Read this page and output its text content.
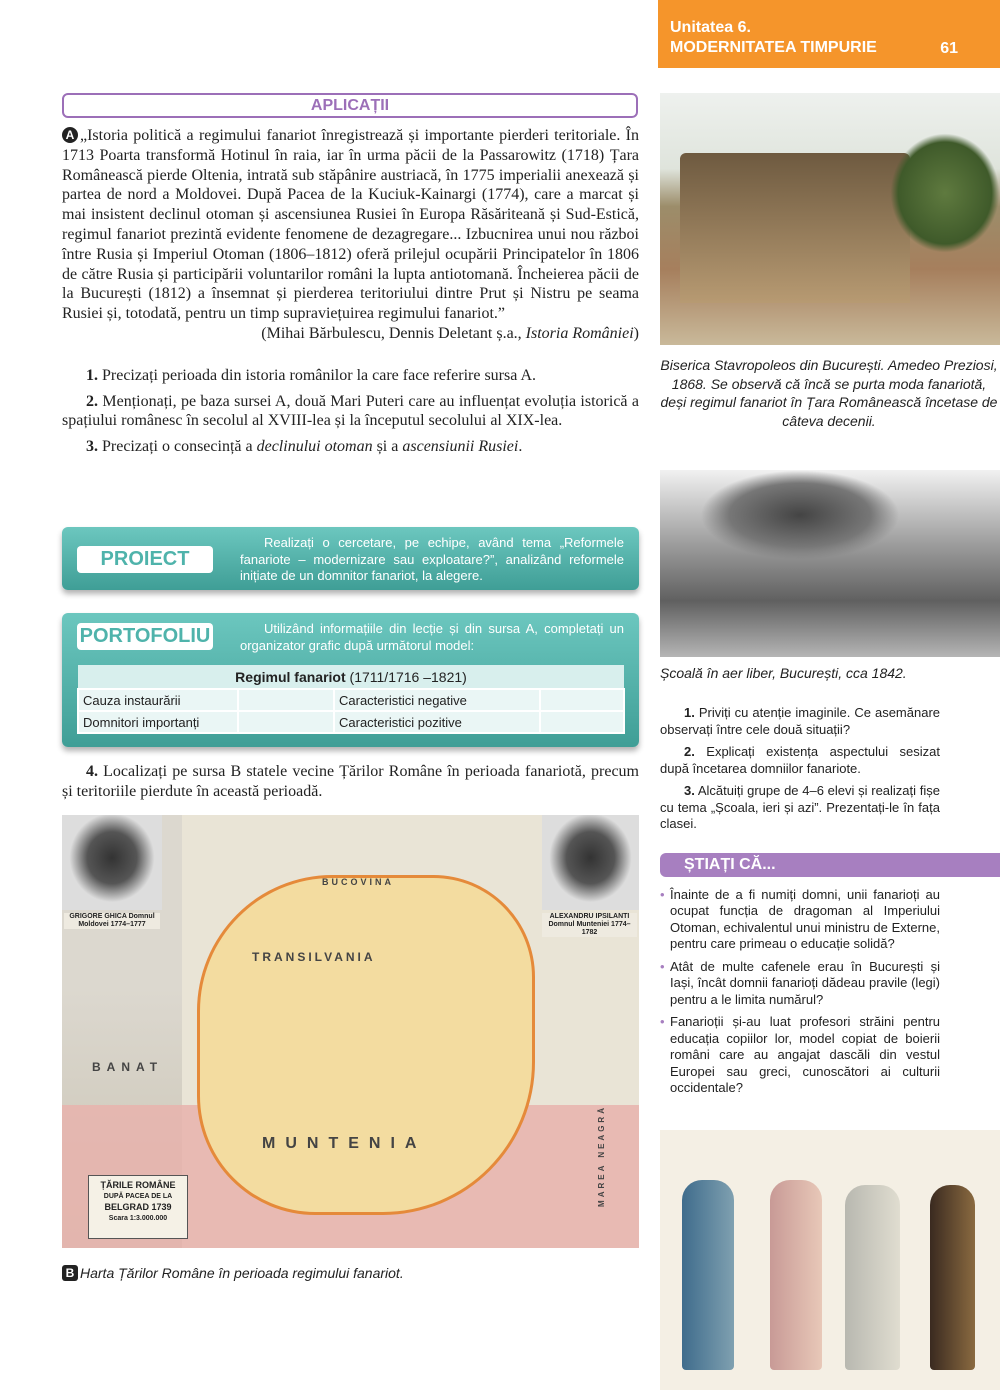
Unitatea 6.
MODERNITATEA TIMPURIE	61
APLICAȚII
A „Istoria politică a regimului fanariot înregistrează și importante pierderi teritoriale. În 1713 Poarta transformă Hotinul în raia, iar în urma păcii de la Passarowitz (1718) Țara Românească pierde Oltenia, intrată sub stăpânire austriacă, în 1775 imperialii anexează și partea de nord a Moldovei. După Pacea de la Kuciuk-Kainargi (1774), care a marcat și mai insistent declinul otoman și ascensiunea Rusiei în Europa Răsăriteană și Sud-Estică, regimul fanariot prezintă evidente fenomene de dezagregare... Izbucnirea unui nou război între Rusia și Imperiul Otoman (1806–1812) oferă prilejul ocupării Principatelor în 1806 de către Rusia și participării voluntarilor români la lupta antiotomană. Încheierea păcii de la București (1812) a însemnat și pierderea teritoriului dintre Prut și Nistru pe seama Rusiei și, totodată, pentru un timp supraviețuirea regimului fanariot.”
(Mihai Bărbulescu, Dennis Deletant ș.a., Istoria României)
1. Precizați perioada din istoria românilor la care face referire sursa A.
2. Menționați, pe baza sursei A, două Mari Puteri care au influențat evoluția istorică a spațiului românesc în secolul al XVIII-lea și la începutul secolului al XIX-lea.
3. Precizați o consecință a declinului otoman și a ascensiunii Rusiei.
PROIECT
Realizați o cercetare, pe echipe, având tema „Reformele fanariote – modernizare sau exploatare?”, analizând reformele inițiate de un domnitor fanariot, la alegere.
PORTOFOLIU	Utilizând informațiile din lecție și din sursa A, completați un organizator grafic după următorul model:
Regimul fanariot (1711/1716 –1821)			
Cauza instaurării		Caracteristici negative	
Domnitori importanți		Caracteristici pozitive	
4. Localizați pe sursa B statele vecine Țărilor Române în perioada fanariotă, precum și teritoriile pierdute în această perioadă.
GRIGORE GHICA Domnul Moldovei 1774–1777
ALEXANDRU IPSILANTI Domnul Munteniei 1774–1782
TRANSILVANIA
MUNTENIA
BANAT
BUCOVINA
MAREA NEAGRĂ
ȚĂRILE ROMÂNE
DUPĂ PACEA DE LA
BELGRAD 1739
Scara 1:3.000.000
B Harta Țărilor Române în perioada regimului fanariot.
Biserica Stavropoleos din București. Amedeo Preziosi, 1868. Se observă că încă se purta moda fanariotă, deși regimul fanariot în Țara Românească încetase de câteva decenii.
Școală în aer liber, București, cca 1842.
1. Priviți cu atenție imaginile. Ce asemănare observați între cele două situații?
2. Explicați existența aspectului sesizat după încetarea domniilor fanariote.
3. Alcătuiți grupe de 4–6 elevi și realizați fișe cu tema „Școala, ieri și azi”. Prezentați-le în fața clasei.
ȘTIAȚI CĂ...
• Înainte de a fi numiți domni, unii fanarioți au ocupat funcția de dragoman al Imperiului Otoman, echivalentul unui ministru de Externe, pentru care primeau o educație solidă?
• Atât de multe cafenele erau în București și Iași, încât domnii fanarioți dădeau pravile (legi) pentru a le limita numărul?
• Fanarioții și-au luat profesori străini pentru educația copiilor lor, model copiat de boierii români care au angajat dascăli din vestul Europei sau greci, cunoscători ai culturii occidentale?
